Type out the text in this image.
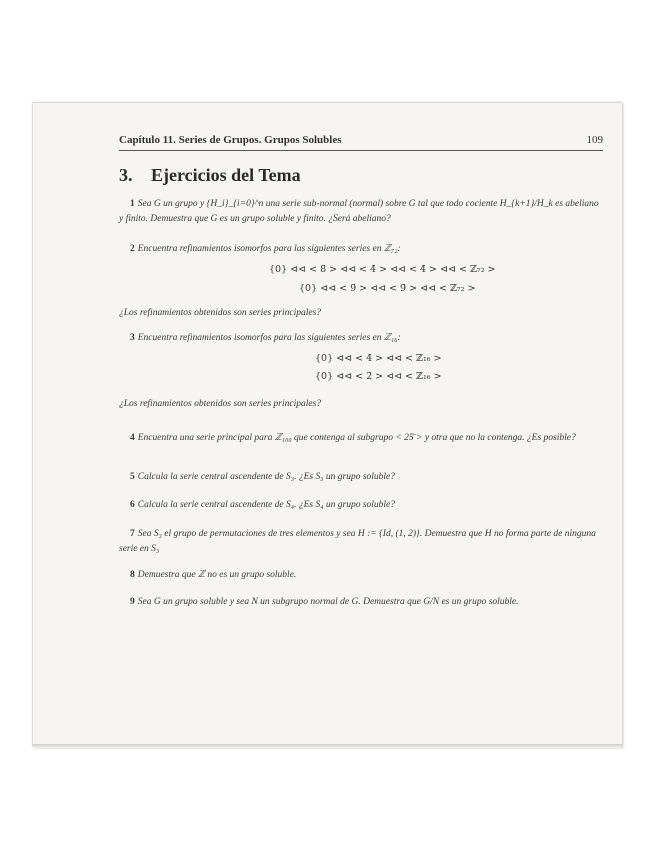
Capítulo 11. Series de Grupos. Grupos Solubles	109
3. Ejercicios del Tema
1 Sea G un grupo y {H_i}_{i=0}^n una serie sub-normal (normal) sobre G tal que todo cociente H_{k+1}/H_k es abeliano y finito. Demuestra que G es un grupo soluble y finito. ¿Será abeliano?
2 Encuentra refinamientos isomorfos para las siguientes series en ℤ₇₂:
{0} ⊲⊲ < 8̄ > ⊲⊲ < 4̄ > ⊲⊲ < 4̄ > ⊲⊲ < ℤ₇₂ >
{0} ⊲⊲ < 9̄ > ⊲⊲ < 9̄ > ⊲⊲ < ℤ₇₂ >
¿Los refinamientos obtenidos son series principales?
3 Encuentra refinamientos isomorfos para las siguientes series en ℤ₁₆:
{0} ⊲⊲ < 4̄ > ⊲⊲ < ℤ₁₆ >
{0} ⊲⊲ < 2̄ > ⊲⊲ < ℤ₁₆ >
¿Los refinamientos obtenidos son series principales?
4 Encuentra una serie principal para ℤ₁₀₀ que contenga al subgrupo < 25̄ > y otra que no la contenga. ¿Es posible?
5 Calcula la serie central ascendente de S₃. ¿Es S₃ un grupo soluble?
6 Calcula la serie central ascendente de S₄. ¿Es S₄ un grupo soluble?
7 Sea S₃ el grupo de permutaciones de tres elementos y sea H := {Id, (1, 2)}. Demuestra que H no forma parte de ninguna serie en S₃
8 Demuestra que ℤ no es un grupo soluble.
9 Sea G un grupo soluble y sea N un subgrupo normal de G. Demuestra que G/N es un grupo soluble.
